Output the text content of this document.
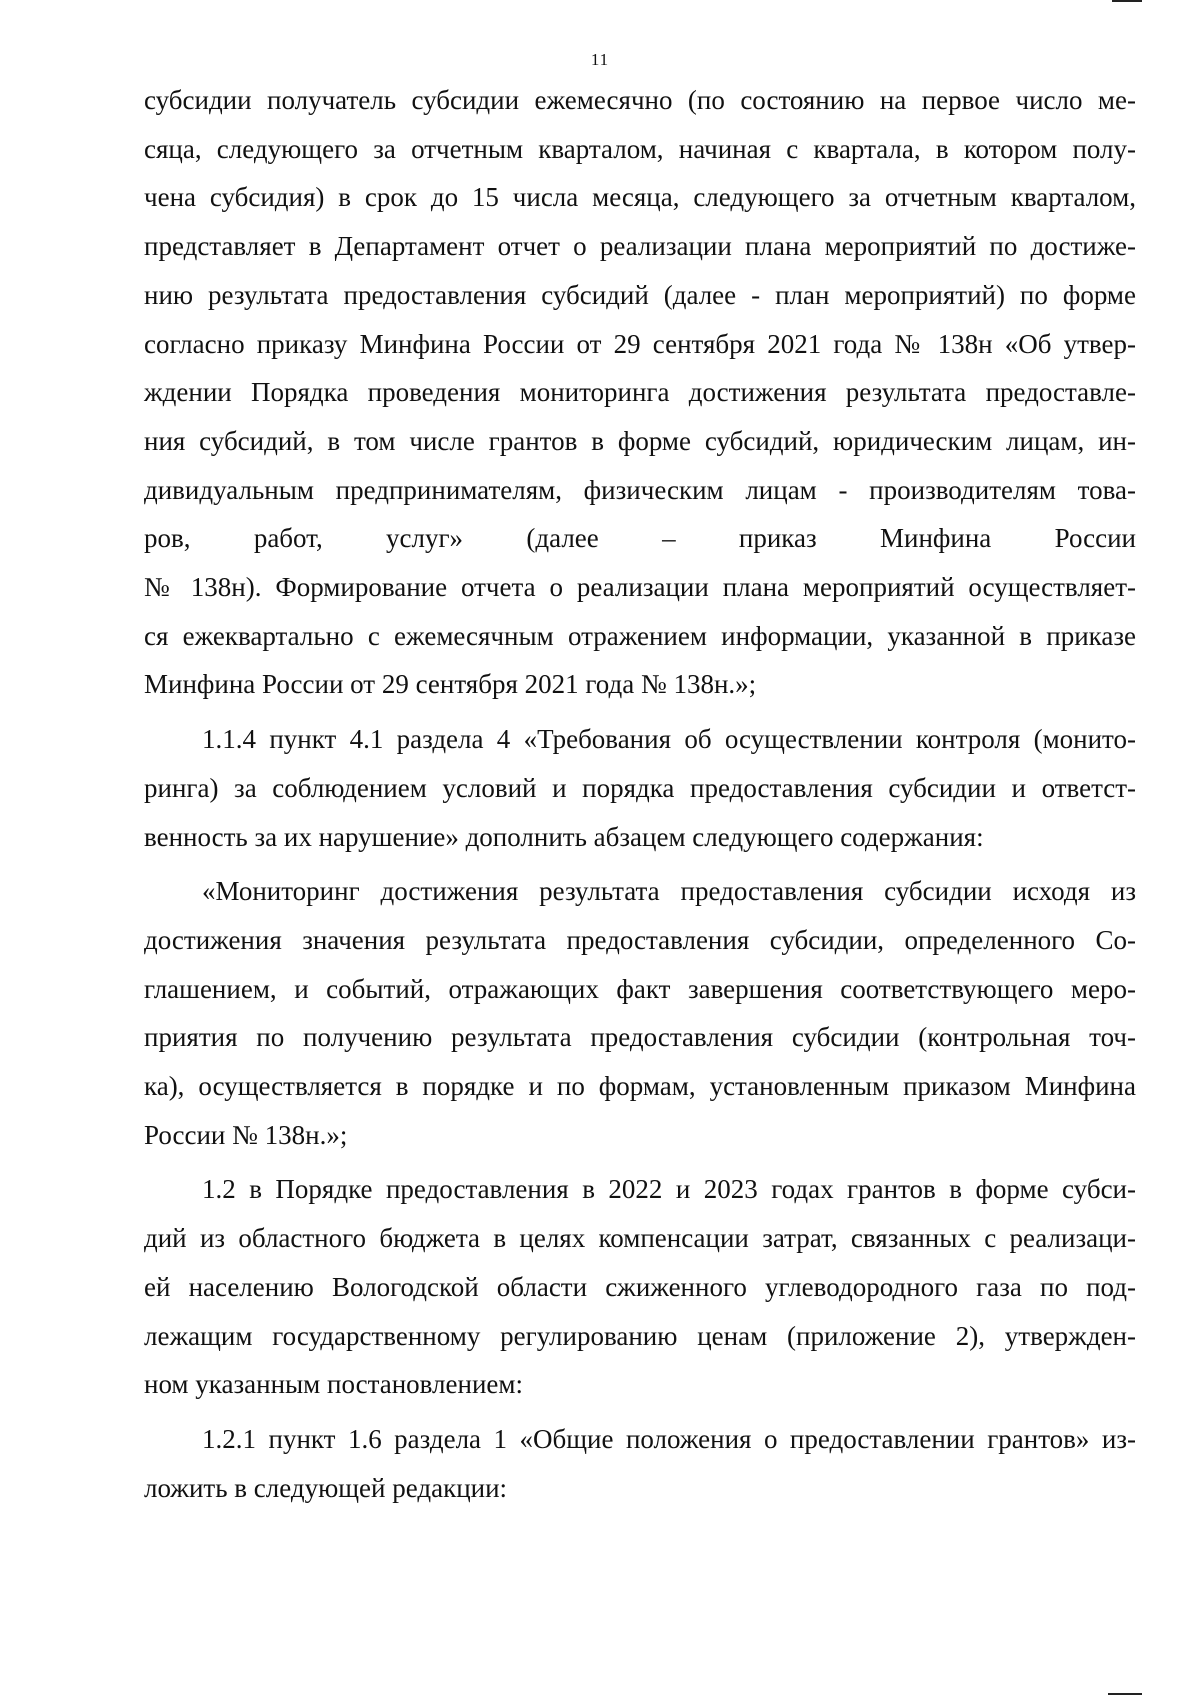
11

субсидии получатель субсидии ежемесячно (по состоянию на первое число ме-
сяца, следующего за отчетным кварталом, начиная с квартала, в котором полу-
чена субсидия) в срок до 15 числа месяца, следующего за отчетным кварталом,
представляет в Департамент отчет о реализации плана мероприятий по достиже-
нию результата предоставления субсидий (далее - план мероприятий) по форме
согласно приказу Минфина России от 29 сентября 2021 года № 138н «Об утвер-
ждении Порядка проведения мониторинга достижения результата предоставле-
ния субсидий, в том числе грантов в форме субсидий, юридическим лицам, ин-
дивидуальным предпринимателям, физическим лицам - производителям това-
ров, работ, услуг» (далее – приказ Минфина России
№ 138н). Формирование отчета о реализации плана мероприятий осуществляет-
ся ежеквартально с ежемесячным отражением информации, указанной в приказе
Минфина России от 29 сентября 2021 года № 138н.»;

1.1.4 пункт 4.1 раздела 4 «Требования об осуществлении контроля (монито-
ринга) за соблюдением условий и порядка предоставления субсидии и ответст-
венность за их нарушение» дополнить абзацем следующего содержания:

«Мониторинг достижения результата предоставления субсидии исходя из
достижения значения результата предоставления субсидии, определенного Со-
глашением, и событий, отражающих факт завершения соответствующего меро-
приятия по получению результата предоставления субсидии (контрольная точ-
ка), осуществляется в порядке и по формам, установленным приказом Минфина
России № 138н.»;

1.2 в Порядке предоставления в 2022 и 2023 годах грантов в форме субси-
дий из областного бюджета в целях компенсации затрат, связанных с реализаци-
ей населению Вологодской области сжиженного углеводородного газа по под-
лежащим государственному регулированию ценам (приложение 2), утвержден-
ном указанным постановлением:

1.2.1 пункт 1.6 раздела 1 «Общие положения о предоставлении грантов» из-
ложить в следующей редакции:
